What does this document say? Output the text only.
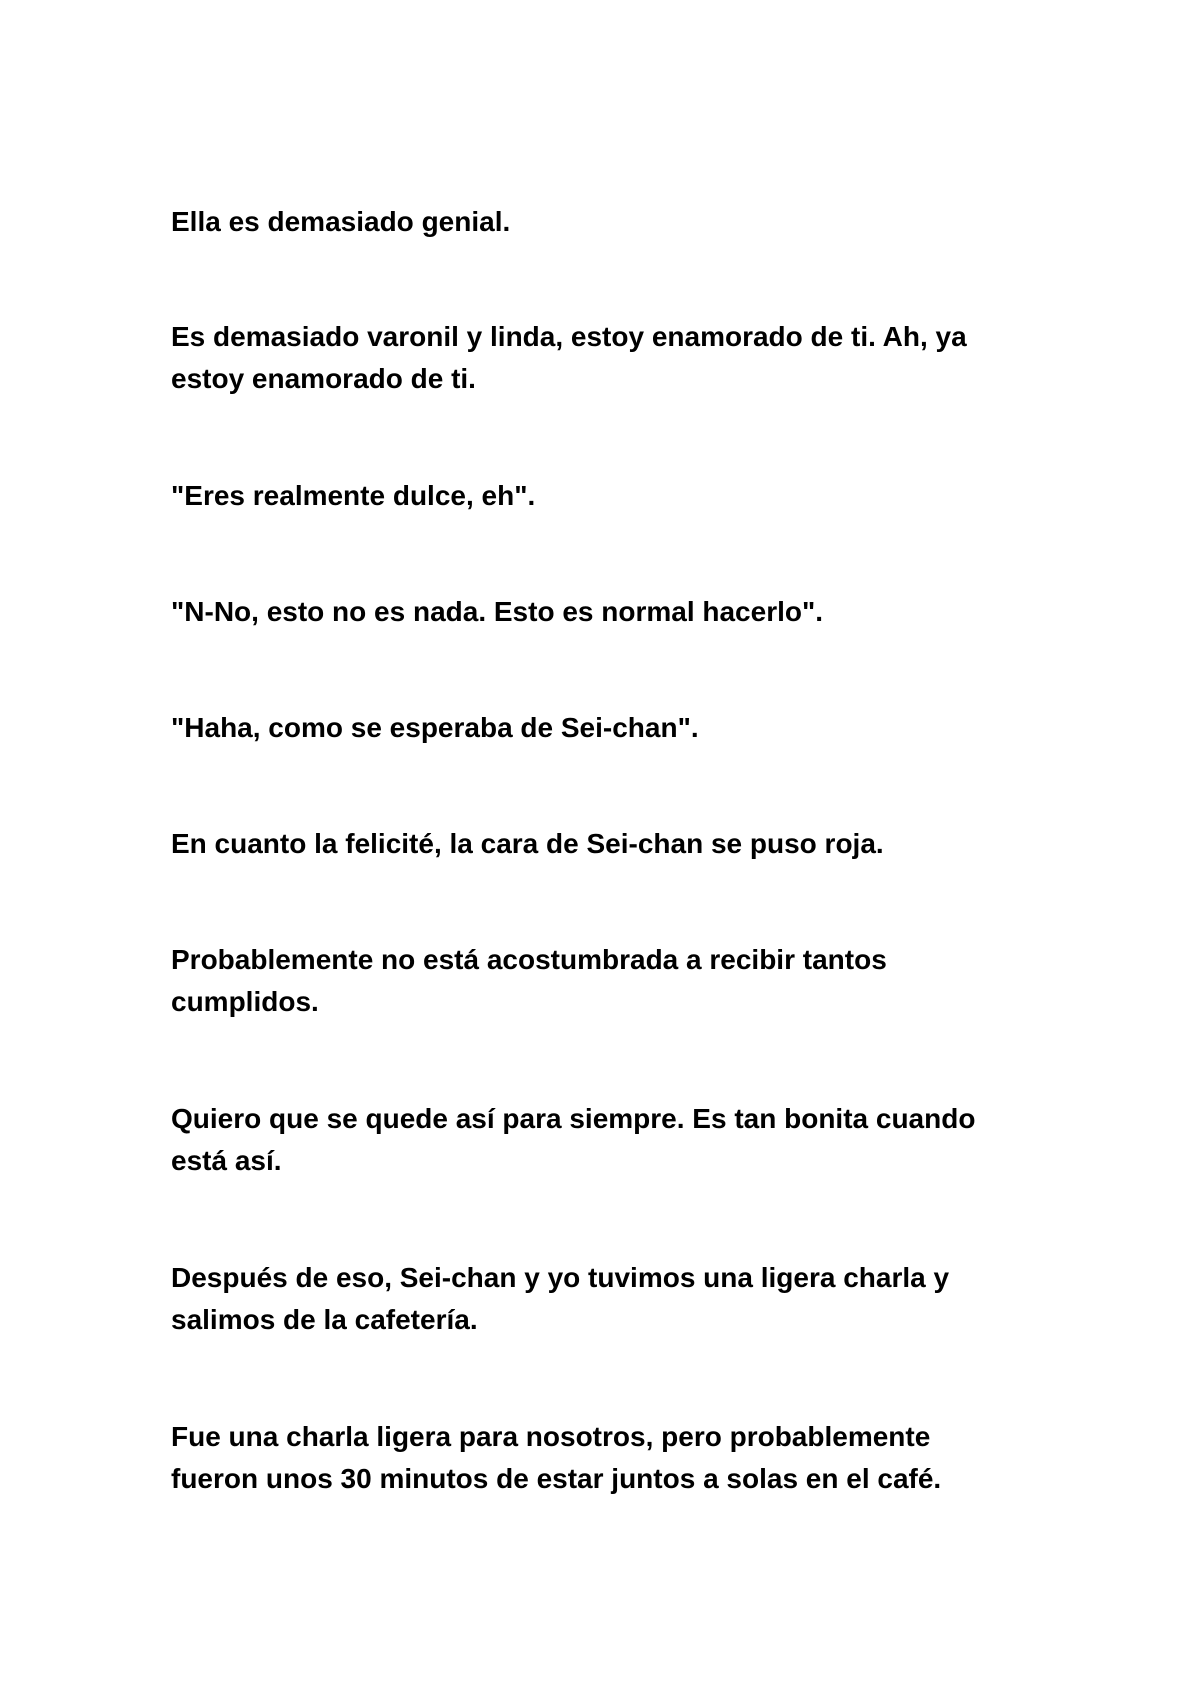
Ella es demasiado genial.

Es demasiado varonil y linda, estoy enamorado de ti. Ah, ya
estoy enamorado de ti.

"Eres realmente dulce, eh".

"N-No, esto no es nada. Esto es normal hacerlo".

"Haha, como se esperaba de Sei-chan".

En cuanto la felicité, la cara de Sei-chan se puso roja.

Probablemente no está acostumbrada a recibir tantos
cumplidos.

Quiero que se quede así para siempre. Es tan bonita cuando
está así.

Después de eso, Sei-chan y yo tuvimos una ligera charla y
salimos de la cafetería.

Fue una charla ligera para nosotros, pero probablemente
fueron unos 30 minutos de estar juntos a solas en el café.
